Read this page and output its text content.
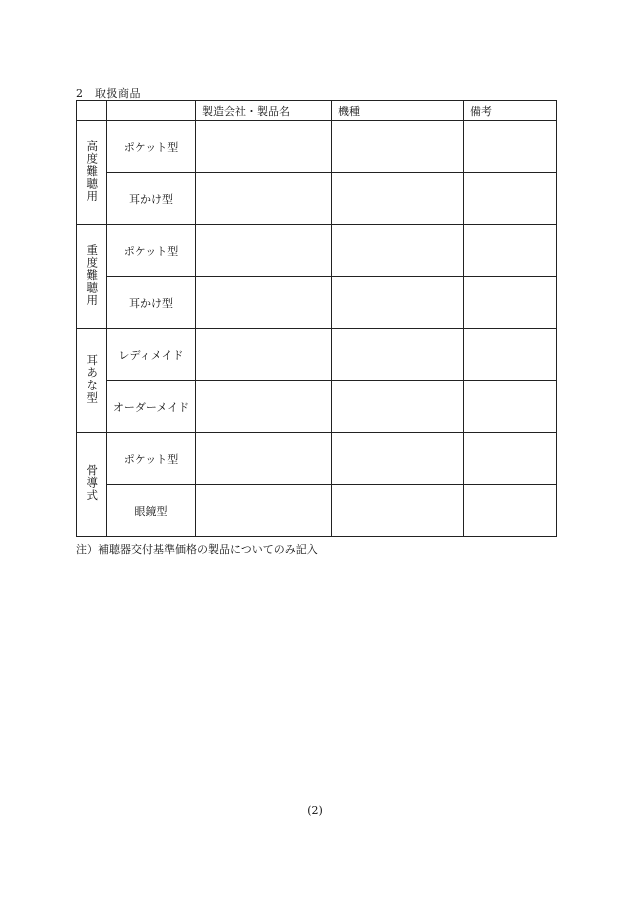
2　取扱商品
		製造会社・製品名	機種	備考
高度難聴用	ポケット型			
	耳かけ型			
重度難聴用	ポケット型			
	耳かけ型			
耳あな型	レディメイド			
	オーダーメイド			
骨導式	ポケット型			
	眼鏡型			
注）補聴器交付基準価格の製品についてのみ記入
(2)
